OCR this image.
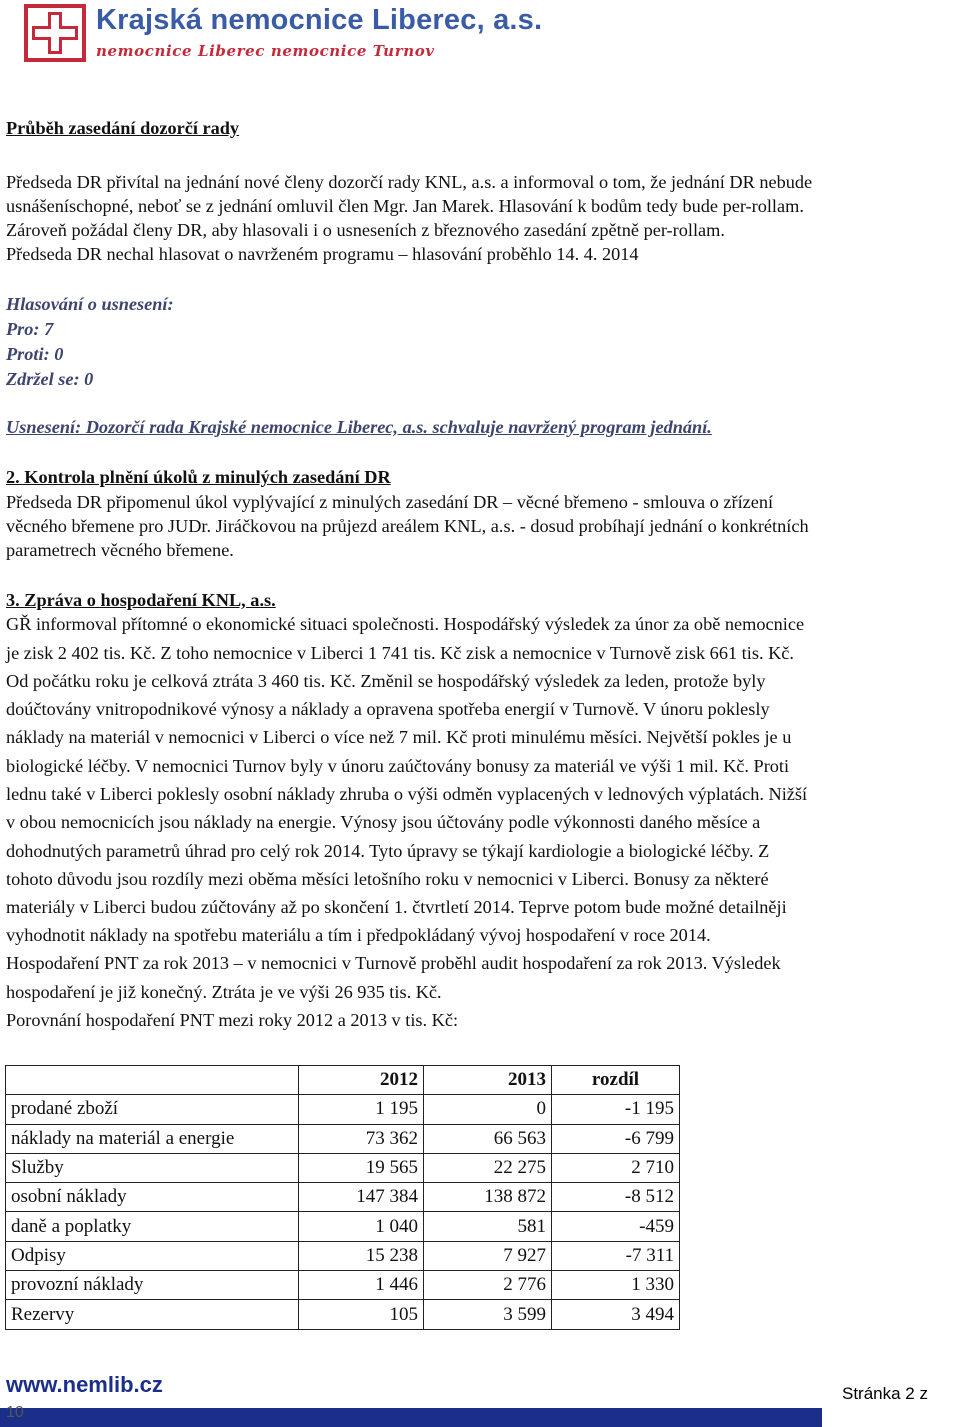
Krajská nemocnice Liberec, a.s.
nemocnice Liberec nemocnice Turnov
Průběh zasedání dozorčí rady
Předseda DR přivítal na jednání nové členy dozorčí rady KNL, a.s. a informoval o tom, že jednání DR nebude
usnášeníschopné, neboť se z jednání omluvil člen Mgr. Jan Marek. Hlasování k bodům tedy bude per-rollam.
Zároveň požádal členy DR, aby hlasovali i o usneseních z březnového zasedání zpětně per-rollam.
Předseda DR nechal hlasovat o navrženém programu – hlasování proběhlo 14. 4. 2014
Hlasování o usnesení:
Pro: 7
Proti: 0
Zdržel se: 0
Usnesení: Dozorčí rada Krajské nemocnice Liberec, a.s. schvaluje navržený program jednání.
2. Kontrola plnění úkolů z minulých zasedání DR
Předseda DR připomenul úkol vyplývající z minulých zasedání DR – věcné břemeno - smlouva o zřízení
věcného břemene pro JUDr. Jiráčkovou na průjezd areálem KNL, a.s. - dosud probíhají jednání o konkrétních
parametrech věcného břemene.
3. Zpráva o hospodaření KNL, a.s.
GŘ informoval přítomné o ekonomické situaci společnosti. Hospodářský výsledek za únor za obě nemocnice
je zisk 2 402 tis. Kč. Z toho nemocnice v Liberci 1 741 tis. Kč zisk a nemocnice v Turnově zisk 661 tis. Kč.
Od počátku roku je celková ztráta 3 460 tis. Kč. Změnil se hospodářský výsledek za leden, protože byly
doúčtovány vnitropodnikové výnosy a náklady a opravena spotřeba energií v Turnově. V únoru poklesly
náklady na materiál v nemocnici v Liberci o více než 7 mil. Kč proti minulému měsíci. Největší pokles je u
biologické léčby. V nemocnici Turnov byly v únoru zaúčtovány bonusy za materiál ve výši 1 mil. Kč. Proti
lednu také v Liberci poklesly osobní náklady zhruba o výši odměn vyplacených v lednových výplatách. Nižší
v obou nemocnicích jsou náklady na energie. Výnosy jsou účtovány podle výkonnosti daného měsíce a
dohodnutých parametrů úhrad pro celý rok 2014. Tyto úpravy se týkají kardiologie a biologické léčby. Z
tohoto důvodu jsou rozdíly mezi oběma měsíci letošního roku v nemocnici v Liberci. Bonusy za některé
materiály v Liberci budou zúčtovány až po skončení 1. čtvrtletí 2014. Teprve potom bude možné detailněji
vyhodnotit náklady na spotřebu materiálu a tím i předpokládaný vývoj hospodaření v roce 2014.
Hospodaření PNT za rok 2013 – v nemocnici v Turnově proběhl audit hospodaření za rok 2013. Výsledek
hospodaření je již konečný. Ztráta je ve výši 26 935 tis. Kč.
Porovnání hospodaření PNT mezi roky 2012 a 2013 v tis. Kč:
	2012	2013	rozdíl
prodané zboží	1 195	0	-1 195
náklady na materiál a energie	73 362	66 563	-6 799
Služby	19 565	22 275	2 710
osobní náklady	147 384	138 872	-8 512
daně a poplatky	1 040	581	-459
Odpisy	15 238	7 927	-7 311
provozní náklady	1 446	2 776	1 330
Rezervy	105	3 599	3 494
www.nemlib.cz	Stránka 2 z
10
